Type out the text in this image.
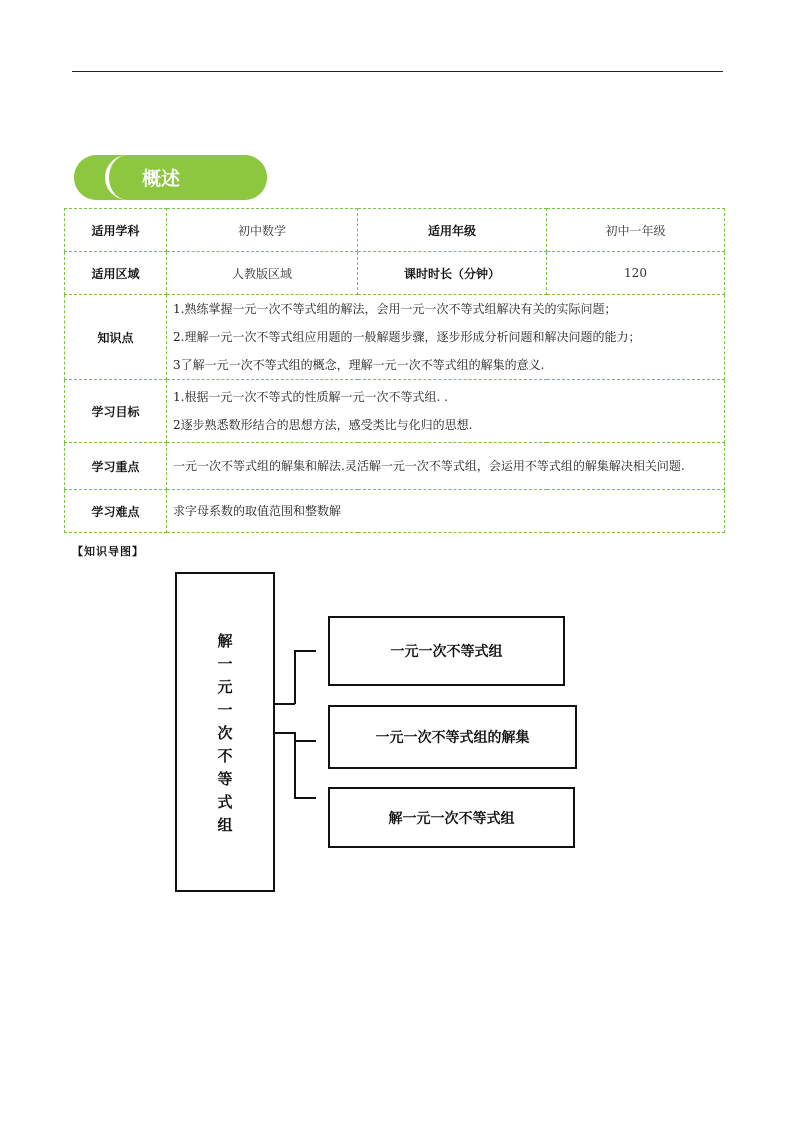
概述
适用学科	初中数学	适用年级	初中一年级
适用区域	人教版区域	课时时长（分钟）	120
知识点	1.熟练掌握一元一次不等式组的解法，会用一元一次不等式组解决有关的实际问题；

2.理解一元一次不等式组应用题的一般解题步骤，逐步形成分析问题和解决问题的能力；

3了解一元一次不等式组的概念，理解一元一次不等式组的解集的意义.		

学习目标	1.根据一元一次不等式的性质解一元一次不等式组. .

2逐步熟悉数形结合的思想方法，感受类比与化归的思想.		

学习重点	一元一次不等式组的解集和解法.灵活解一元一次不等式组，会运用不等式组的解集解决相关问题.		
学习难点	求字母系数的取值范围和整数解		
【知识导图】
解
一
元
一
次
不
等
式
组
一元一次不等式组
一元一次不等式组的解集
解一元一次不等式组
